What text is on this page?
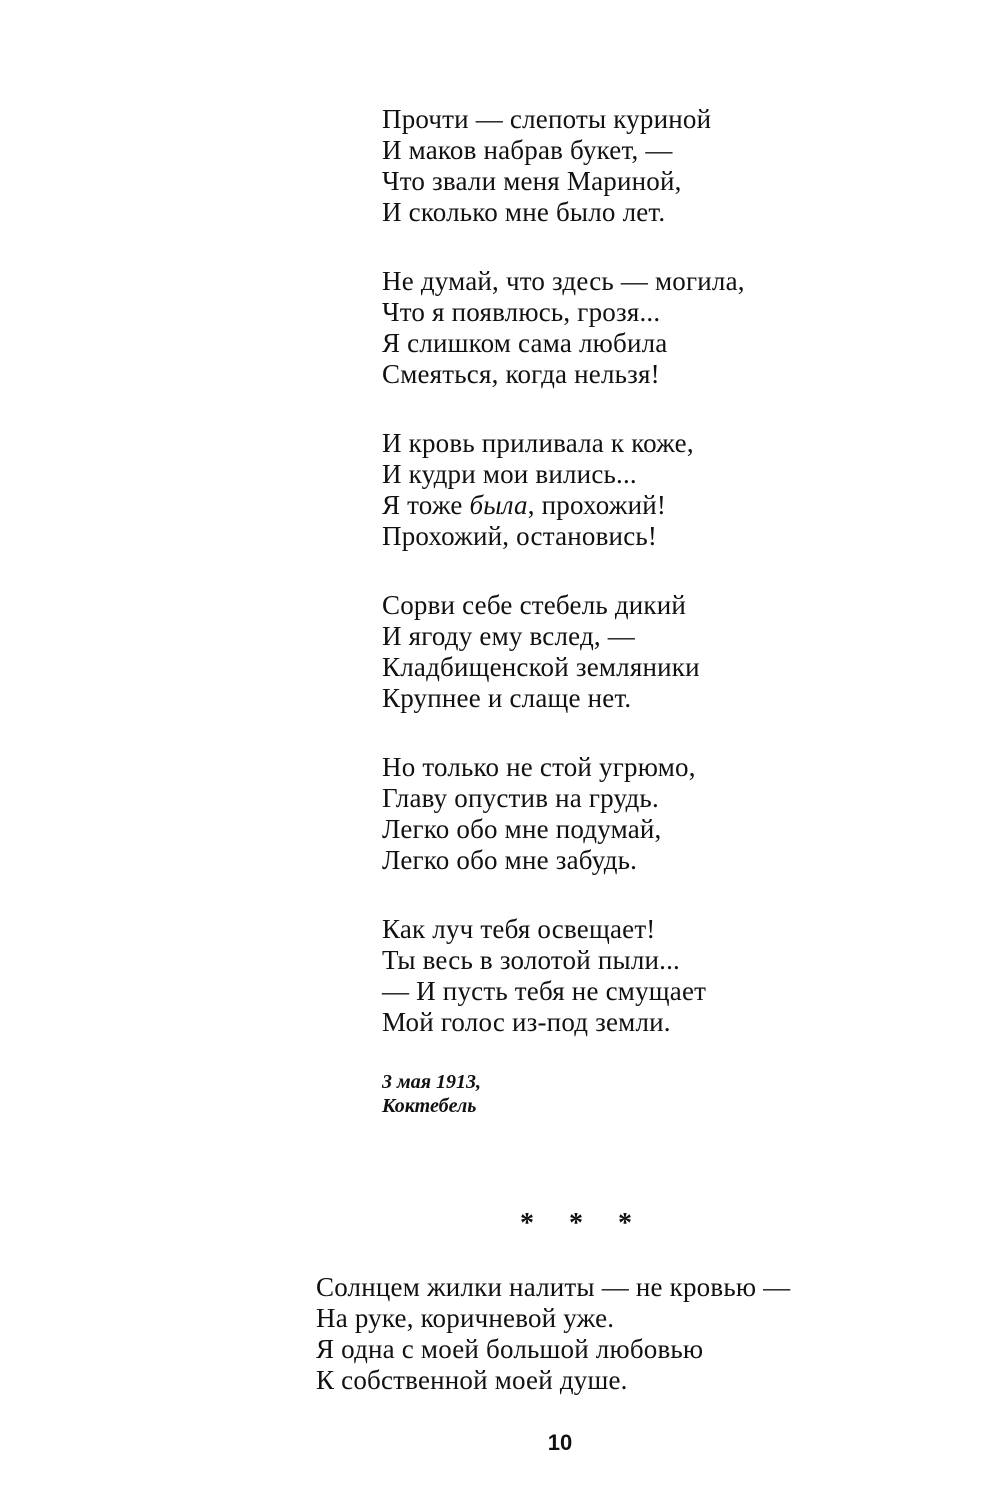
Прочти — слепоты куриной
И маков набрав букет, —
Что звали меня Мариной,
И сколько мне было лет.
Не думай, что здесь — могила,
Что я появлюсь, грозя...
Я слишком сама любила
Смеяться, когда нельзя!
И кровь приливала к коже,
И кудри мои вились...
Я тоже была, прохожий!
Прохожий, остановись!
Сорви себе стебель дикий
И ягоду ему вслед, —
Кладбищенской земляники
Крупнее и слаще нет.
Но только не стой угрюмо,
Главу опустив на грудь.
Легко обо мне подумай,
Легко обо мне забудь.
Как луч тебя освещает!
Ты весь в золотой пыли...
— И пусть тебя не смущает
Мой голос из-под земли.
3 мая 1913,
Коктебель
* * *
Солнцем жилки налиты — не кровью —
На руке, коричневой уже.
Я одна с моей большой любовью
К собственной моей душе.
10
